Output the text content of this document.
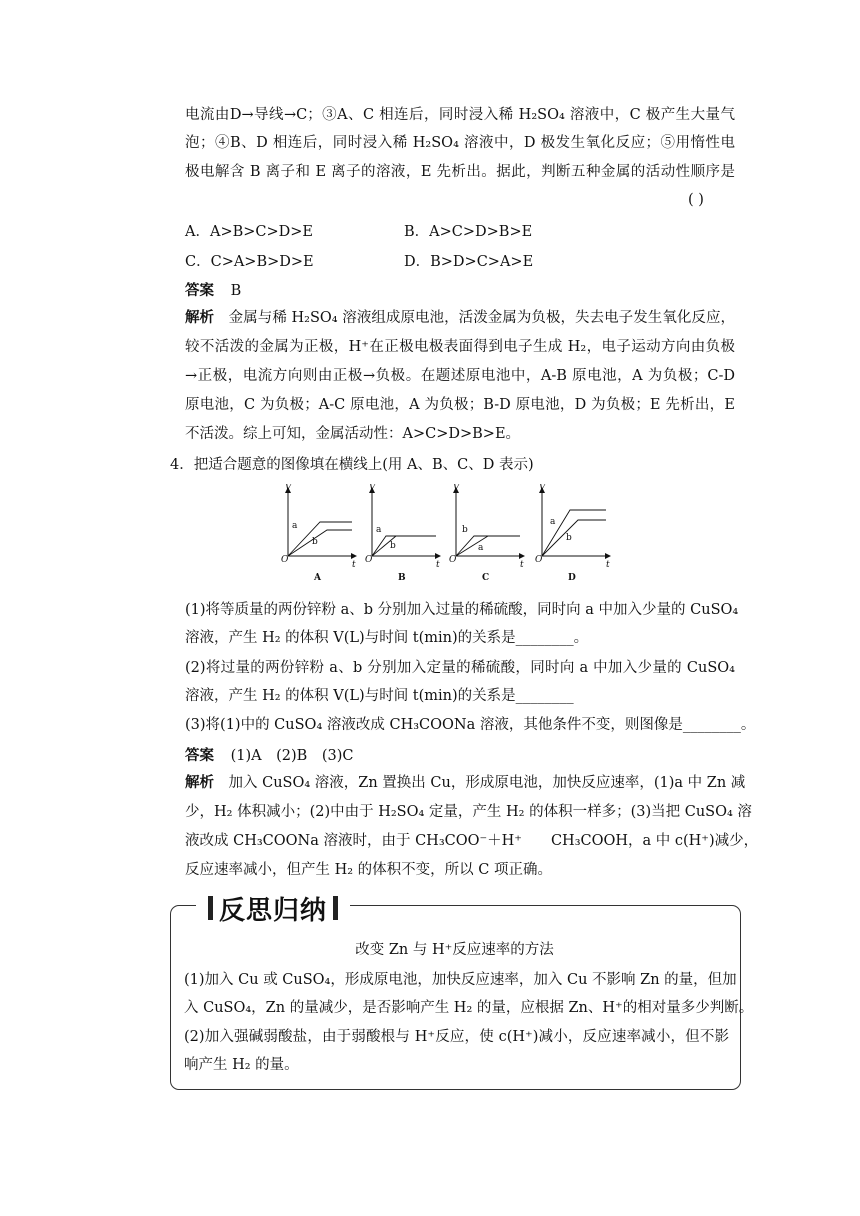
电流由D→导线→C；③A、C 相连后，同时浸入稀 H₂SO₄ 溶液中，C 极产生大量气
泡；④B、D 相连后，同时浸入稀 H₂SO₄ 溶液中，D 极发生氧化反应；⑤用惰性电
极电解含 B 离子和 E 离子的溶液，E 先析出。据此，判断五种金属的活动性顺序是
( )
A．A>B>C>D>E	B．A>C>D>B>E
C．C>A>B>D>E	D．B>D>C>A>E
答案 B
解析　 金属与稀 H₂SO₄ 溶液组成原电池，活泼金属为负极，失去电子发生氧化反应，
较不活泼的金属为正极，H⁺在正极电极表面得到电子生成 H₂，电子运动方向由负极
→正极，电流方向则由正极→负极。在题述原电池中，A-B 原电池，A 为负极；C-D
原电池，C 为负极；A-C 原电池，A 为负极；B-D 原电池，D 为负极；E 先析出，E
不活泼。综上可知，金属活动性：A>C>D>B>E。
4．把适合题意的图像填在横线上(用 A、B、C、D 表示)
O
V
t
a
b
A
O
V
t
a
b
B
O
V
t
b
a
C
O
V
t
a
b
D
(1)将等质量的两份锌粉 a、b 分别加入过量的稀硫酸，同时向 a 中加入少量的 CuSO₄
溶液，产生 H₂ 的体积 V(L)与时间 t(min)的关系是________。
(2)将过量的两份锌粉 a、b 分别加入定量的稀硫酸，同时向 a 中加入少量的 CuSO₄
溶液，产生 H₂ 的体积 V(L)与时间 t(min)的关系是________
(3)将(1)中的 CuSO₄ 溶液改成 CH₃COONa 溶液，其他条件不变，则图像是________。
答案 (1)A　(2)B　(3)C
解析　 加入 CuSO₄ 溶液，Zn 置换出 Cu，形成原电池，加快反应速率，(1)a 中 Zn 减
少，H₂ 体积减小；(2)中由于 H₂SO₄ 定量，产生 H₂ 的体积一样多；(3)当把 CuSO₄ 溶
液改成 CH₃COONa 溶液时，由于 CH₃COO⁻＋H⁺　　CH₃COOH，a 中 c(H⁺)减少，
反应速率减小，但产生 H₂ 的体积不变，所以 C 项正确。
反思归纳
改变 Zn 与 H⁺反应速率的方法
(1)加入 Cu 或 CuSO₄，形成原电池，加快反应速率，加入 Cu 不影响 Zn 的量，但加
入 CuSO₄，Zn 的量减少，是否影响产生 H₂ 的量，应根据 Zn、H⁺的相对量多少判断。
(2)加入强碱弱酸盐，由于弱酸根与 H⁺反应，使 c(H⁺)减小，反应速率减小，但不影
响产生 H₂ 的量。
